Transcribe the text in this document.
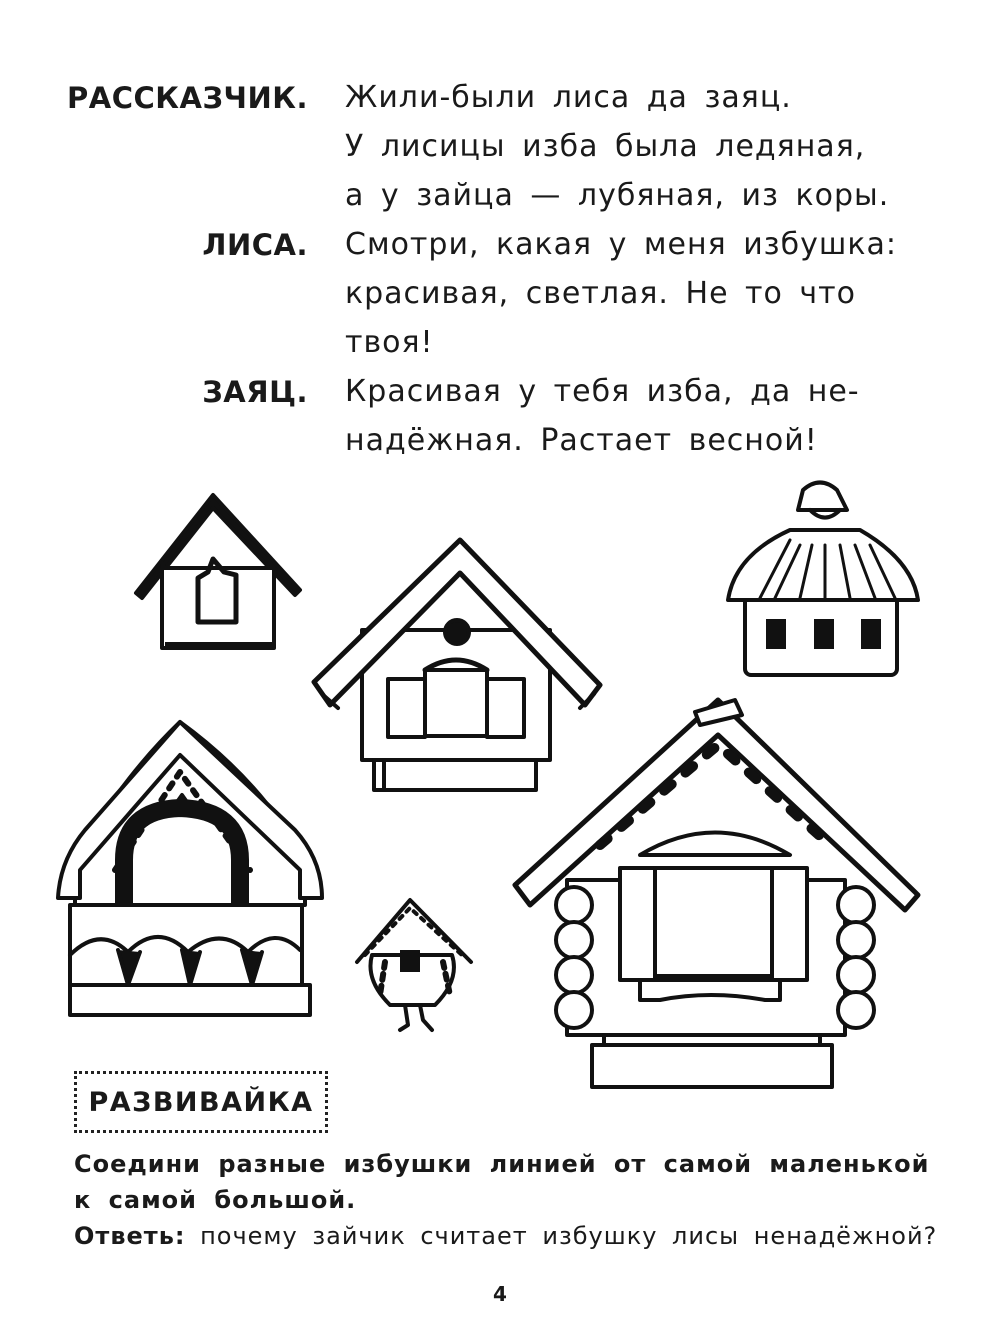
РАССКАЗЧИК. Жили-были лиса да заяц.
У лисицы изба была ледяная,
а у зайца — лубяная, из коры.
ЛИСА. Смотри, какая у меня избушка:
красивая, светлая. Не то что
твоя!
ЗАЯЦ. Красивая у тебя изба, да не-
надёжная. Растает весной!
РАЗВИВАЙКА
Соедини разные избушки линией от самой маленькой
к самой большой.
Ответь: почему зайчик считает избушку лисы ненадёжной?
4
